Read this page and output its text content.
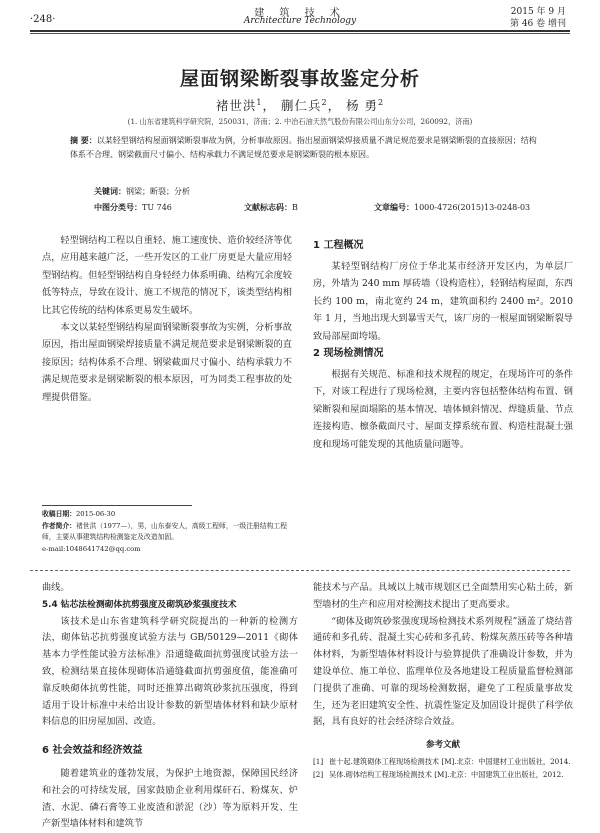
·248·
建 筑 技 术
Architecture Technology
2015 年 9 月
第 46 卷 增刊
屋面钢梁断裂事故鉴定分析
褚世洪$^1$， 蒯仁兵$^2$， 杨 勇$^2$
(1. 山东省建筑科学研究院，250031，济南；2. 中冶石油天然气股份有限公司山东分公司，260092，济南)
摘 要：以某轻型钢结构屋面钢梁断裂事故为例，分析事故原因。指出屋面钢梁焊接质量不满足规范要求是钢梁断裂的直接原因；结构体系不合理、钢梁截面尺寸偏小、结构承载力不满足规范要求是钢梁断裂的根本原因。
关键词：钢梁；断裂；分析
中图分类号：TU 746	文献标志码：B	文章编号：1000-4726(2015)13-0248-03

轻型钢结构工程以自重轻、施工速度快、造价较经济等优点，应用越来越广泛，一些开发区的工业厂房更是大量应用轻型钢结构。但轻型钢结构自身轻经力体系明确、结构冗余度较低等特点，导致在设计、施工不规范的情况下，该类型结构相比其它传统的结构体系更易发生破坏。

本文以某轻型钢结构屋面钢梁断裂事故为实例，分析事故原因，指出屋面钢梁焊接质量不满足规范要求是钢梁断裂的直接原因；结构体系不合理、钢梁截面尺寸偏小、结构承载力不满足规范要求是钢梁断裂的根本原因，可为同类工程事故的处理提供借鉴。

1 工程概况

某轻型钢结构厂房位于华北某市经济开发区内，为单层厂房，外墙为 240 mm 厚砖墙（设构造柱），轻钢结构屋面，东西长约 100 m，南北宽约 24 m，建筑面积约 2400 m²。2010 年 1 月，当地出现大到暴雪天气，该厂房的一根屋面钢梁断裂导致局部屋面垮塌。

2 现场检测情况

根据有关规范、标准和技术规程的规定，在现场许可的条件下，对该工程进行了现场检测，主要内容包括整体结构布置、钢梁断裂和屋面塌陷的基本情况、墙体倾斜情况、焊缝质量、节点连接构造、檩条截面尺寸、屋面支撑系统布置、构造柱混凝土强度和现场可能发现的其他质量问题等。

收稿日期：2015-06-30
作者简介：褚世洪（1977—），男，山东泰安人，高级工程师，一级注册结构工程师，主要从事建筑结构检测鉴定及改造加固。
e-mail:1048641742@qq.com

曲线。

5.4 钻芯法检测砌体抗剪强度及砌筑砂浆强度技术

该技术是山东省建筑科学研究院提出的一种新的检测方法，砌体钻芯抗剪强度试验方法与 GB/50129—2011《砌体基本力学性能试验方法标准》沿通缝截面抗剪强度试验方法一致，检测结果直接体现砌体沿通缝截面抗剪强度值，能准确可靠反映砌体抗剪性能，同时还推算出砌筑砂浆抗压强度，得到适用于设计标准中未给出设计参数的新型墙体材料和缺少原材料信息的旧房屋加固、改造。

6 社会效益和经济效益

随着建筑业的蓬勃发展，为保护土地资源，保障国民经济和社会的可持续发展，国家鼓励企业利用煤矸石、粉煤灰、炉渣、水泥、磷石膏等工业废渣和淤泥（沙）等为原料开发、生产新型墙体材料和建筑节

能技术与产品。具域以上城市规划区已全面禁用实心粘土砖，新型墙材的生产和应用对检测技术提出了更高要求。

“砌体及砌筑砂浆强度现场检测技术系列规程”涵盖了烧结普通砖和多孔砖、混凝土实心砖和多孔砖、粉煤灰蒸压砖等各种墙体材料，为新型墙体材料设计与验算提供了准确设计参数，并为建设单位、施工单位、监理单位及各地建设工程质量监督检测部门提供了准确、可靠的现场检测数据，避免了工程质量事故发生，还为老旧建筑安全性、抗震性鉴定及加固设计提供了科学依据，具有良好的社会经济综合效益。

参考文献

[1] 崔十起.建筑砌体工程现场检测技术 [M].北京：中国建材工业出版社，2014.

[2] 吴体.砌体结构工程现场检测技术 [M].北京：中国建筑工业出版社，2012.
